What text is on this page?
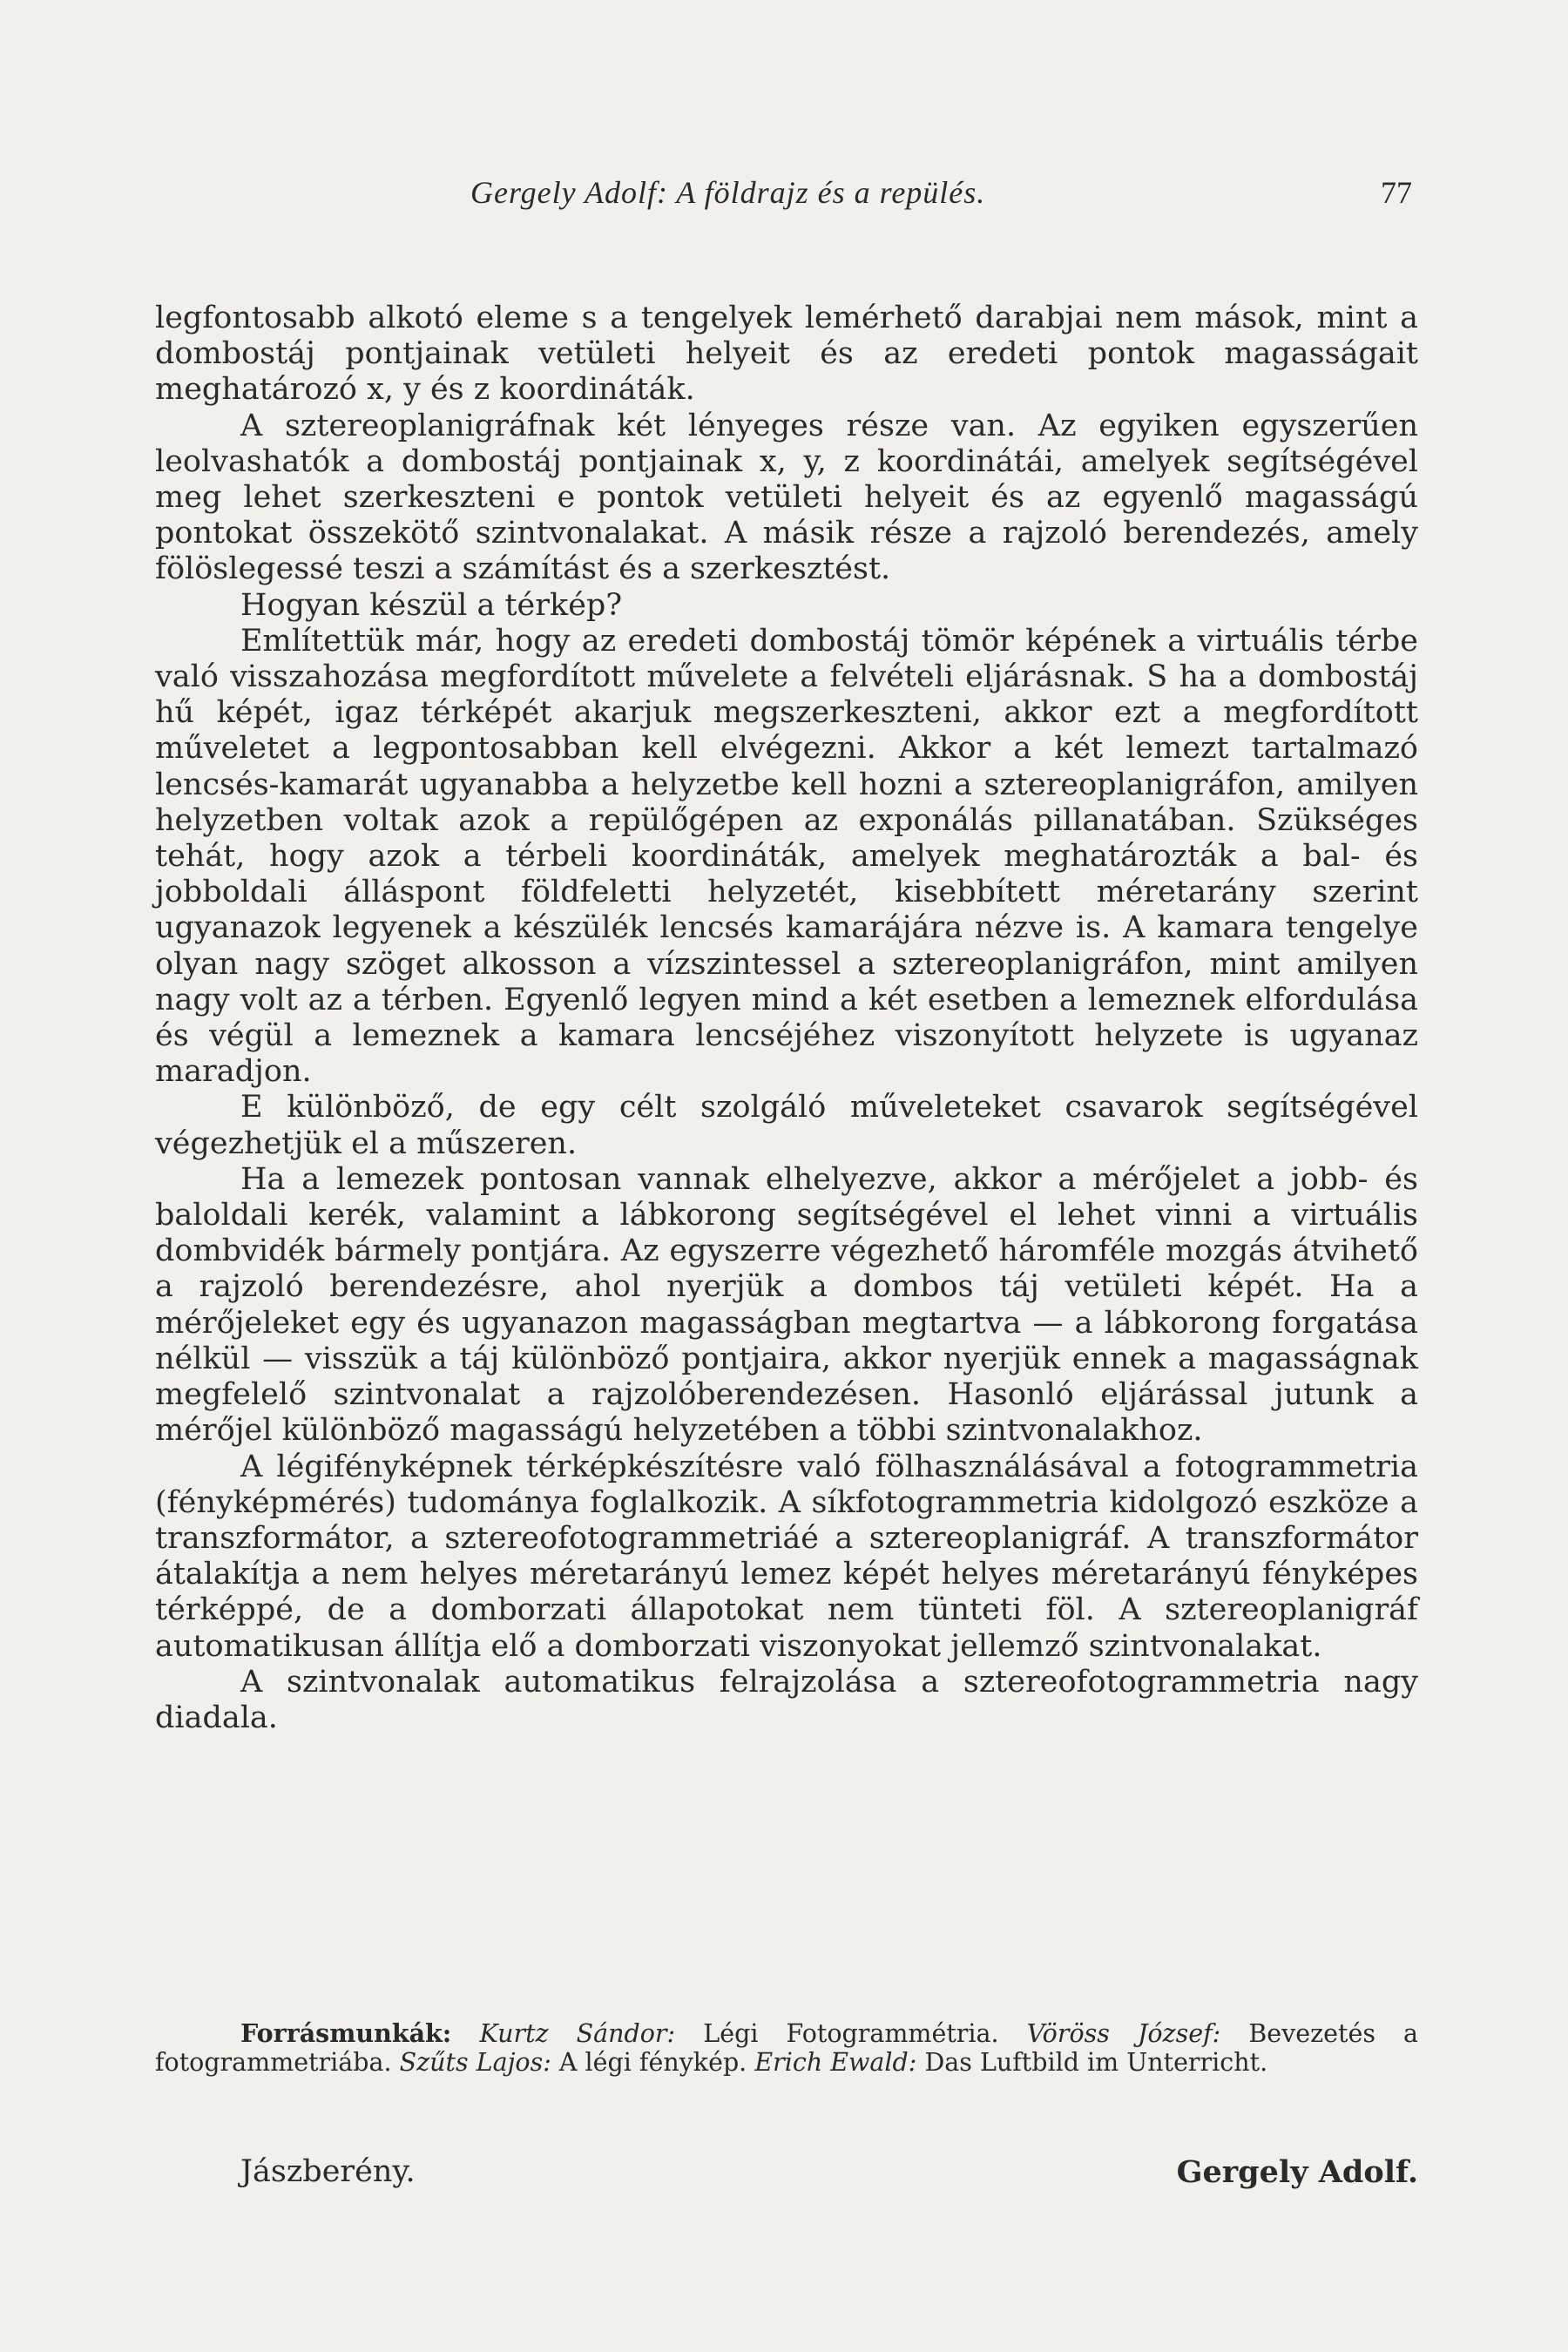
Gergely Adolf: A földrajz és a repülés.	77

legfontosabb alkotó eleme s a tengelyek lemérhető darabjai nem mások, mint a dombostáj pontjainak vetületi helyeit és az eredeti pontok magasságait meghatározó x, y és z koordináták.

A sztereoplanigráfnak két lényeges része van. Az egyiken egyszerűen leolvashatók a dombostáj pontjainak x, y, z koordinátái, amelyek segítségével meg lehet szerkeszteni e pontok vetületi helyeit és az egyenlő magasságú pontokat összekötő szintvonalakat. A másik része a rajzoló berendezés, amely fölöslegessé teszi a számítást és a szerkesztést.

Hogyan készül a térkép?

Említettük már, hogy az eredeti dombostáj tömör képének a virtuális térbe való visszahozása megfordított művelete a felvételi eljárásnak. S ha a dombostáj hű képét, igaz térképét akarjuk megszerkeszteni, akkor ezt a megfordított műveletet a legpontosabban kell elvégezni. Akkor a két lemezt tartalmazó lencsés-kamarát ugyanabba a helyzetbe kell hozni a sztereoplanigráfon, amilyen helyzetben voltak azok a repülőgépen az exponálás pillanatában. Szükséges tehát, hogy azok a térbeli koordináták, amelyek meghatározták a bal- és jobboldali álláspont földfeletti helyzetét, kisebbített méretarány szerint ugyanazok legyenek a készülék lencsés kamarájára nézve is. A kamara tengelye olyan nagy szöget alkosson a vízszintessel a sztereoplanigráfon, mint amilyen nagy volt az a térben. Egyenlő legyen mind a két esetben a lemeznek elfordulása és végül a lemeznek a kamara lencséjéhez viszonyított helyzete is ugyanaz maradjon.

E különböző, de egy célt szolgáló műveleteket csavarok segítségével végezhetjük el a műszeren.

Ha a lemezek pontosan vannak elhelyezve, akkor a mérőjelet a jobb- és baloldali kerék, valamint a lábkorong segítségével el lehet vinni a virtuális dombvidék bármely pontjára. Az egyszerre végezhető háromféle mozgás átvihető a rajzoló berendezésre, ahol nyerjük a dombos táj vetületi képét. Ha a mérőjeleket egy és ugyanazon magasságban megtartva — a lábkorong forgatása nélkül — visszük a táj különböző pontjaira, akkor nyerjük ennek a magasságnak megfelelő szintvonalat a rajzolóberendezésen. Hasonló eljárással jutunk a mérőjel különböző magasságú helyzetében a többi szintvonalakhoz.

A légifényképnek térképkészítésre való fölhasználásával a fotogrammetria (fényképmérés) tudománya foglalkozik. A síkfotogrammetria kidolgozó eszköze a transzformátor, a sztereofotogrammetriáé a sztereoplanigráf. A transzformátor átalakítja a nem helyes méretarányú lemez képét helyes méretarányú fényképes térképpé, de a domborzati állapotokat nem tünteti föl. A sztereoplanigráf automatikusan állítja elő a domborzati viszonyokat jellemző szintvonalakat.

A szintvonalak automatikus felrajzolása a sztereofotogrammetria nagy diadala.

Forrásmunkák: Kurtz Sándor: Légi Fotogrammétria. Vöröss József: Bevezetés a fotogrammetriába. Szűts Lajos: A légi fénykép. Erich Ewald: Das Luftbild im Unterricht.
Jászberény.	Gergely Adolf.
